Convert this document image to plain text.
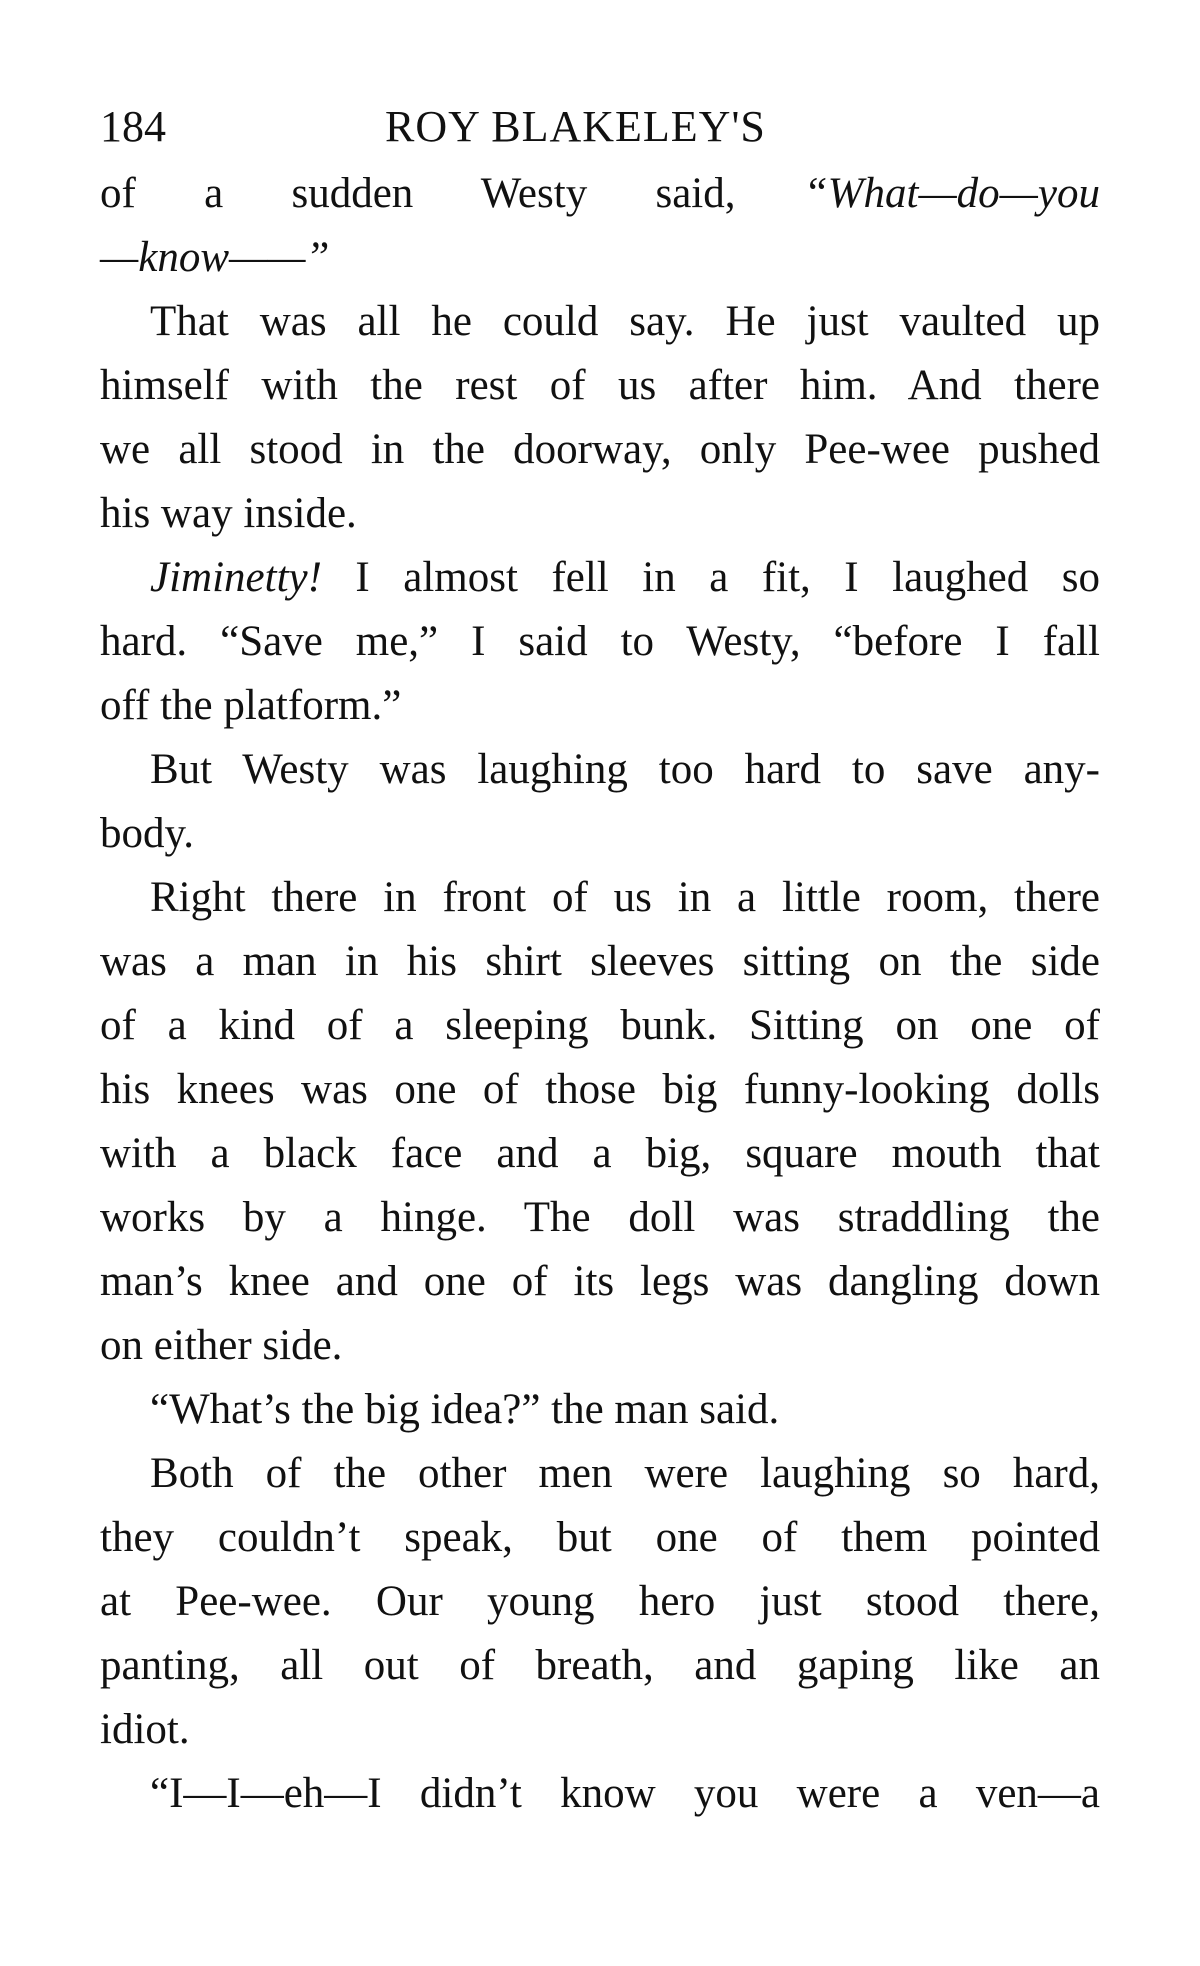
184	ROY BLAKELEY'S
of a sudden Westy said, “What—do—you
—know——”
That was all he could say. He just vaulted up
himself with the rest of us after him. And there
we all stood in the doorway, only Pee-wee pushed
his way inside.
Jiminetty! I almost fell in a fit, I laughed so
hard. “Save me,” I said to Westy, “before I fall
off the platform.”
But Westy was laughing too hard to save any-
body.
Right there in front of us in a little room, there
was a man in his shirt sleeves sitting on the side
of a kind of a sleeping bunk. Sitting on one of
his knees was one of those big funny-looking dolls
with a black face and a big, square mouth that
works by a hinge. The doll was straddling the
man’s knee and one of its legs was dangling down
on either side.
“What’s the big idea?” the man said.
Both of the other men were laughing so hard,
they couldn’t speak, but one of them pointed
at Pee-wee. Our young hero just stood there,
panting, all out of breath, and gaping like an
idiot.
“I—I—eh—I didn’t know you were a ven—a
